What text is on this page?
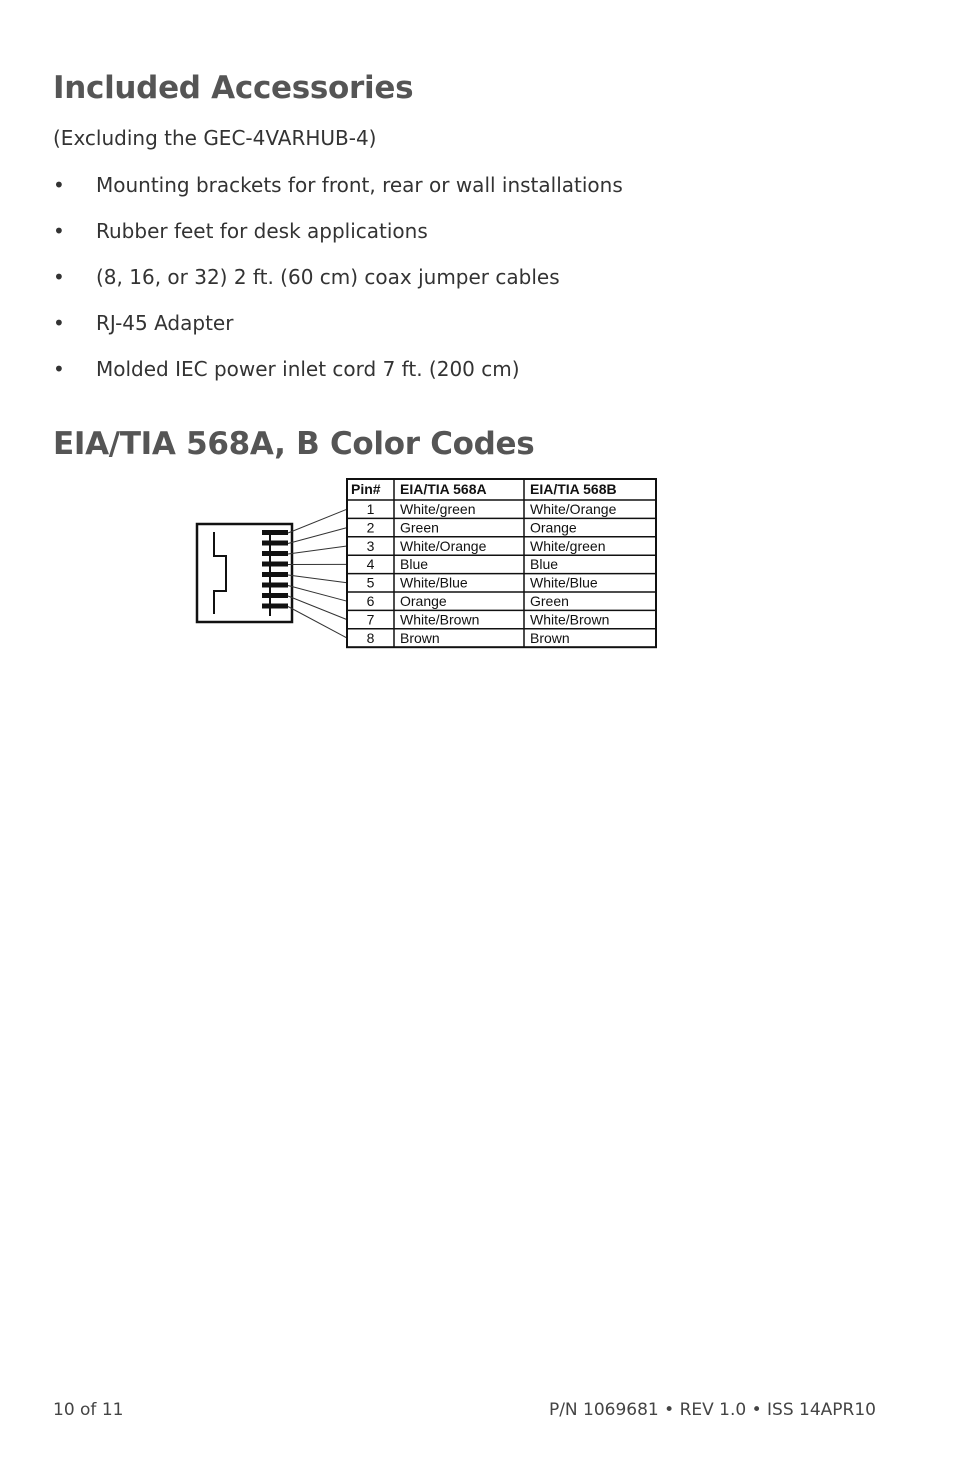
Included Accessories
(Excluding the GEC-4VARHUB-4)
•	Mounting brackets for front, rear or wall installations
•	Rubber feet for desk applications
•	(8, 16, or 32) 2 ft. (60 cm) coax jumper cables
•	RJ-45 Adapter
•	Molded IEC power inlet cord 7 ft. (200 cm)
EIA/TIA 568A, B Color Codes
Pin# EIA/TIA 568A	EIA/TIA 568B
1 White/green	White/Orange
2 Green	Orange
3 White/Orange	White/green
4 Blue	Blue
5 White/Blue	White/Blue
6 Orange	Green
7 White/Brown	White/Brown
8 Brown	Brown
10 of 11	P/N 1069681 • REV 1.0 • ISS 14APR10
